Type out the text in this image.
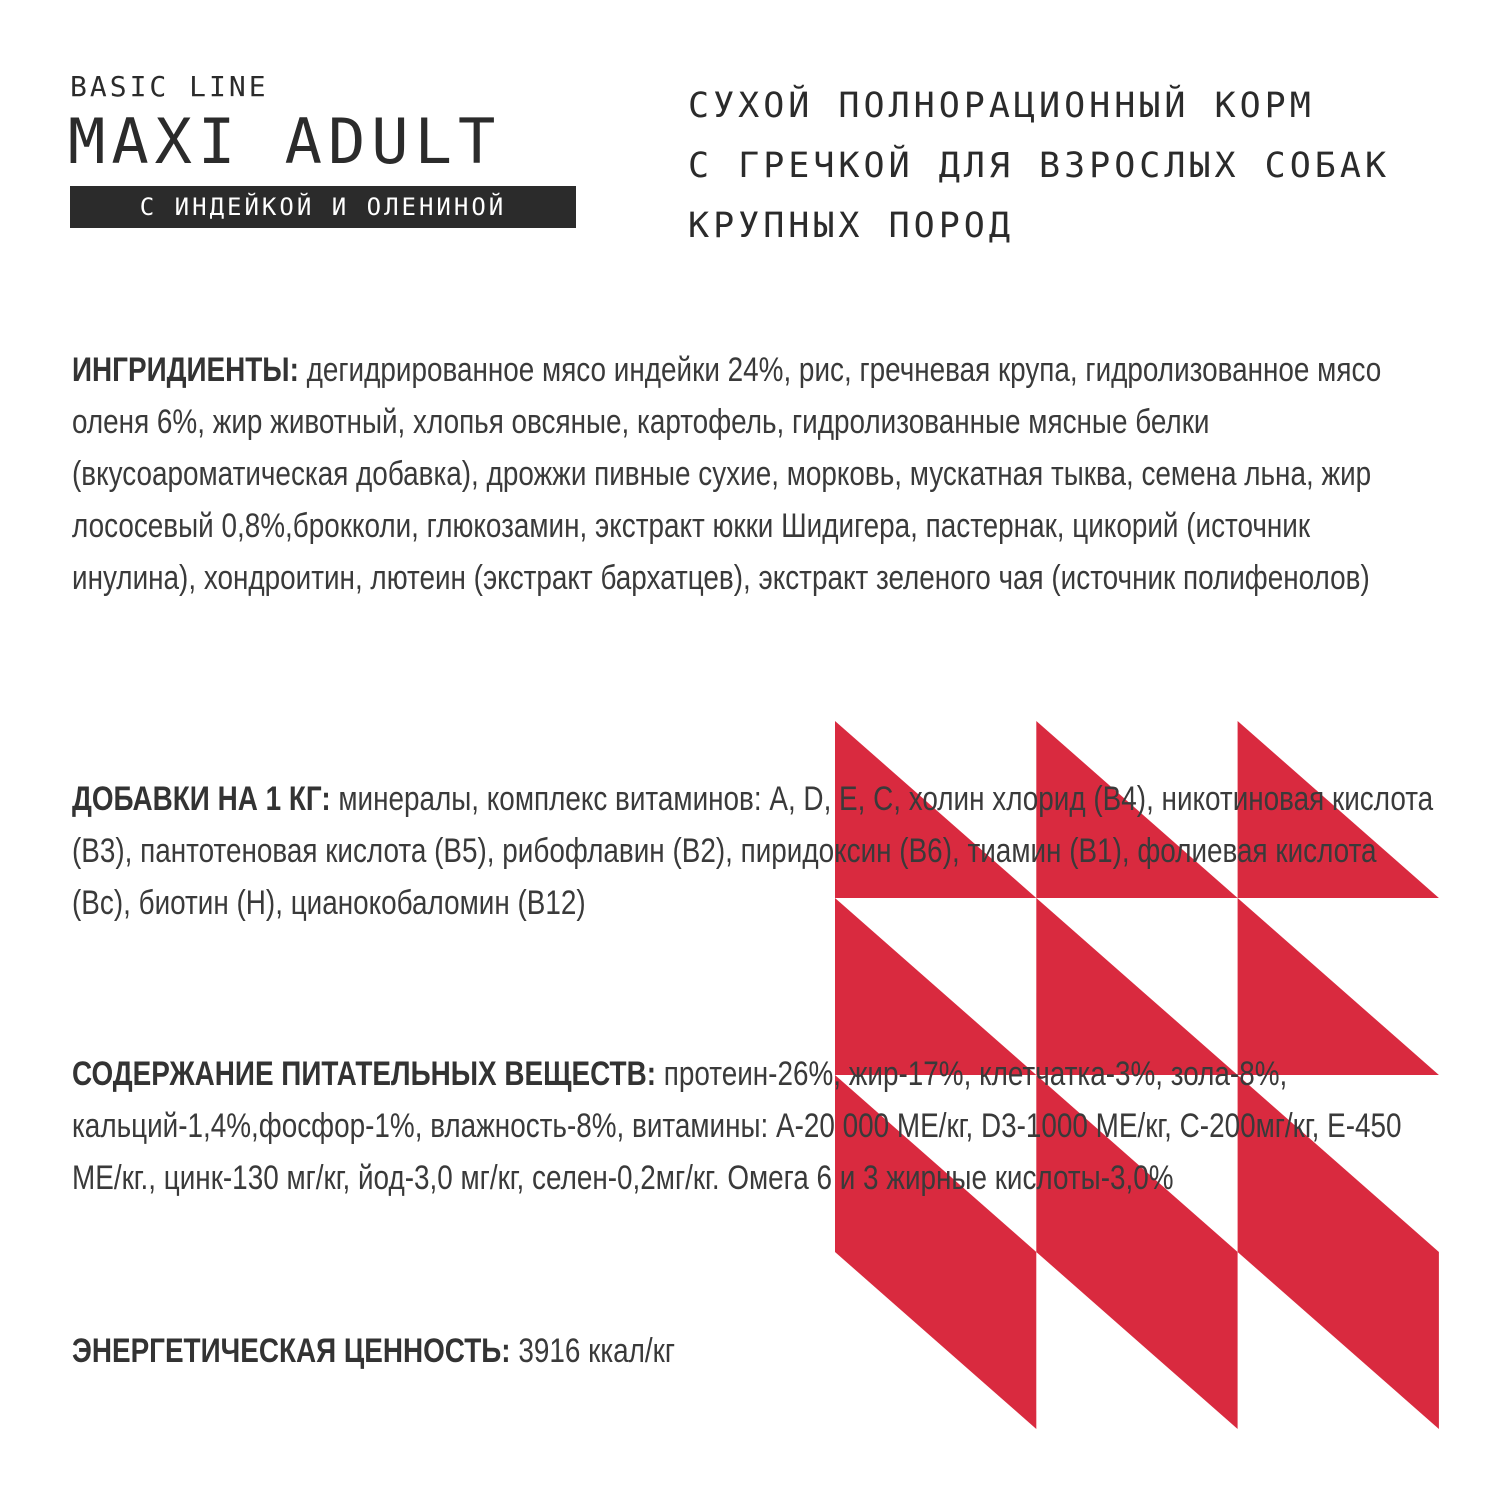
BASIC LINE
MAXI ADULT
С ИНДЕЙКОЙ И ОЛЕНИНОЙ
СУХОЙ ПОЛНОРАЦИОННЫЙ КОРМ
С ГРЕЧКОЙ ДЛЯ ВЗРОСЛЫХ СОБАК
КРУПНЫХ ПОРОД
ИНГРИДИЕНТЫ: дегидрированное мясо индейки 24%, рис, гречневая крупа, гидролизованное мясо оленя 6%, жир животный, хлопья овсяные, картофель, гидролизованные мясные белки (вкусоароматическая добавка), дрожжи пивные сухие, морковь, мускатная тыква, семена льна, жир лососевый 0,8%,брокколи, глюкозамин, экстракт юкки Шидигера, пастернак, цикорий (источник инулина), хондроитин, лютеин (экстракт бархатцев), экстракт зеленого чая (источник полифенолов)
ДОБАВКИ НА 1 КГ: минералы, комплекс витаминов: A, D, E, C, холин хлорид (B4), никотиновая кислота (B3), пантотеновая кислота (B5), рибофлавин (B2), пиридоксин (B6), тиамин (B1), фолиевая кислота (Bc), биотин (H), цианокобаломин (B12)
СОДЕРЖАНИЕ ПИТАТЕЛЬНЫХ ВЕЩЕСТВ: протеин-26%, жир-17%, клетчатка-3%, зола-8%, кальций-1,4%,фосфор-1%, влажность-8%, витамины: А-20 000 МЕ/кг, D3-1000 МЕ/кг, С-200мг/кг, Е-450 МЕ/кг., цинк-130 мг/кг, йод-3,0 мг/кг, селен-0,2мг/кг. Омега 6 и 3 жирные кислоты-3,0%
ЭНЕРГЕТИЧЕСКАЯ ЦЕННОСТЬ: 3916 ккал/кг
